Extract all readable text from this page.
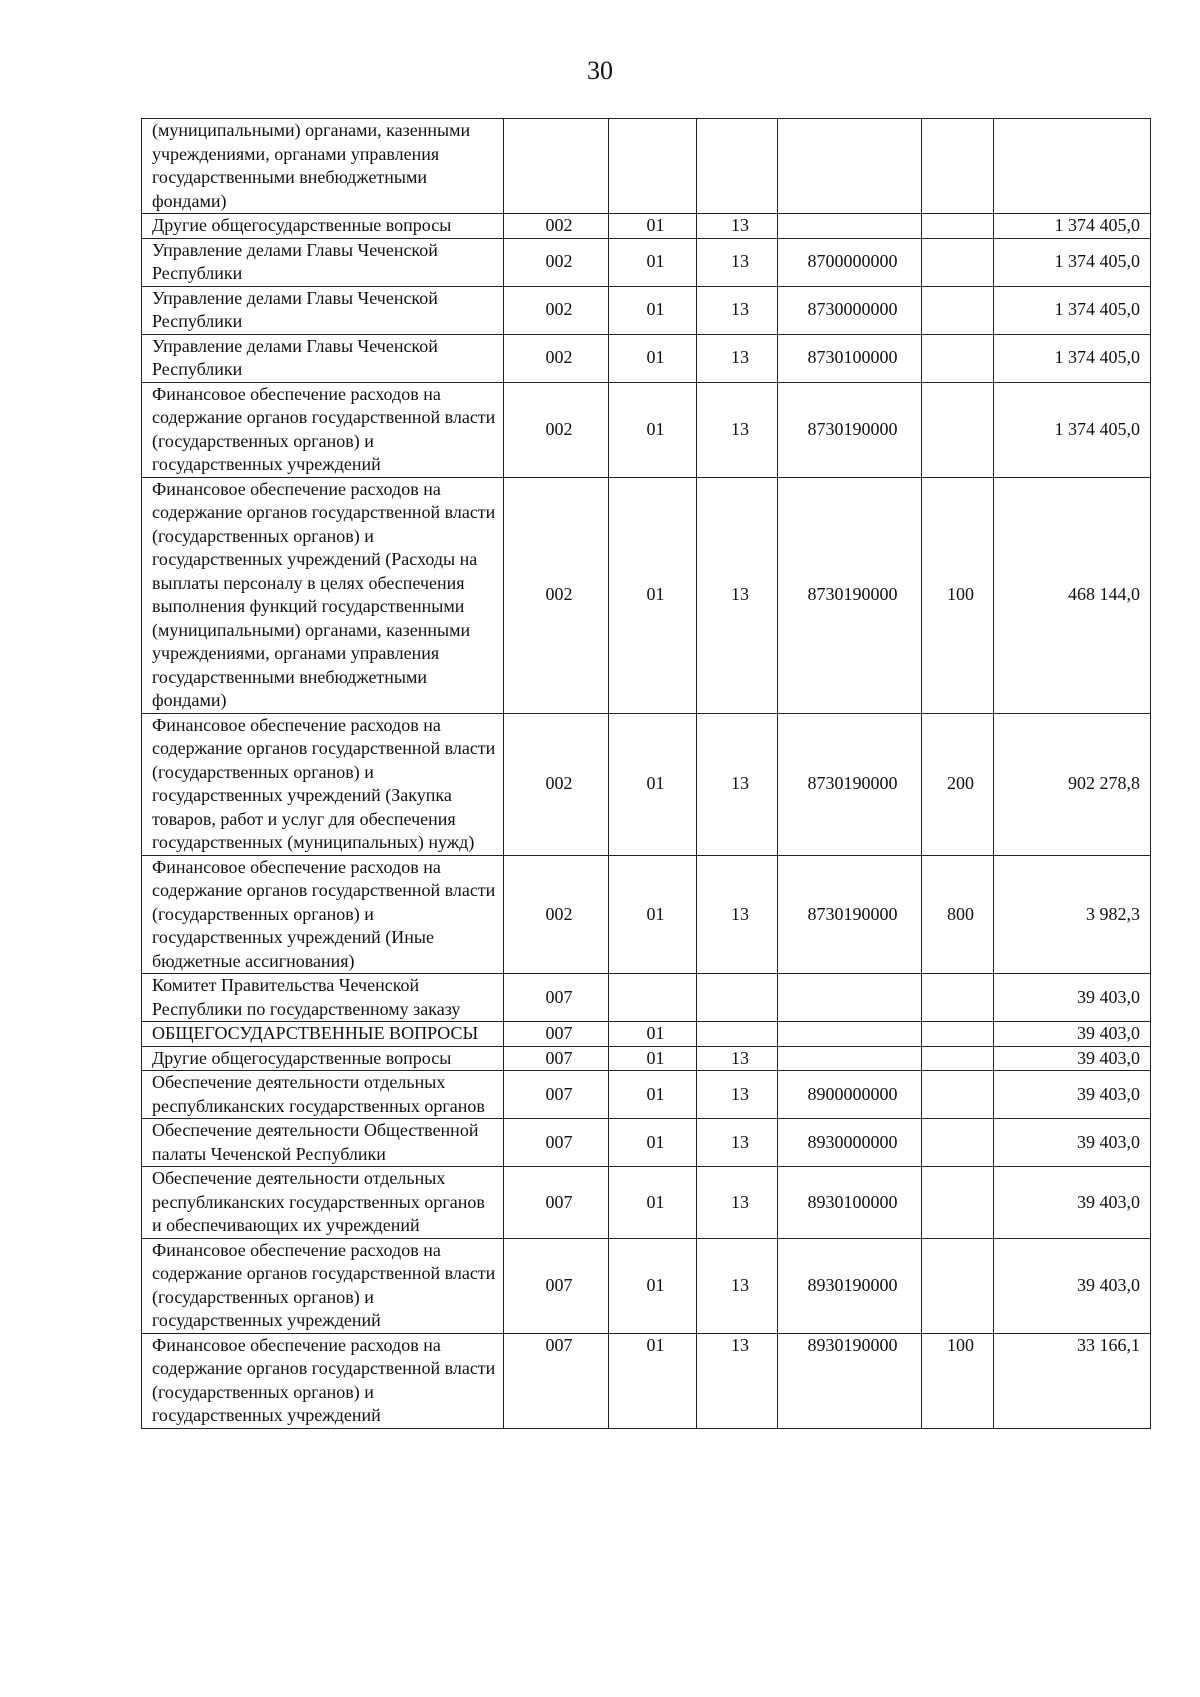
30
(муниципальными) органами, казенными учреждениями, органами управления государственными внебюджетными фондами)						
Другие общегосударственные вопросы	002	01	13			1 374 405,0
Управление делами Главы Чеченской Республики	002	01	13	8700000000		1 374 405,0
Управление делами Главы Чеченской Республики	002	01	13	8730000000		1 374 405,0
Управление делами Главы Чеченской Республики	002	01	13	8730100000		1 374 405,0
Финансовое обеспечение расходов на содержание органов государственной власти (государственных органов) и государственных учреждений	002	01	13	8730190000		1 374 405,0
Финансовое обеспечение расходов на содержание органов государственной власти (государственных органов) и государственных учреждений (Расходы на выплаты персоналу в целях обеспечения выполнения функций государственными (муниципальными) органами, казенными учреждениями, органами управления государственными внебюджетными фондами)	002	01	13	8730190000	100	468 144,0
Финансовое обеспечение расходов на содержание органов государственной власти (государственных органов) и государственных учреждений (Закупка товаров, работ и услуг для обеспечения государственных (муниципальных) нужд)	002	01	13	8730190000	200	902 278,8
Финансовое обеспечение расходов на содержание органов государственной власти (государственных органов) и государственных учреждений (Иные бюджетные ассигнования)	002	01	13	8730190000	800	3 982,3
Комитет Правительства Чеченской Республики по государственному заказу	007					39 403,0
ОБЩЕГОСУДАРСТВЕННЫЕ ВОПРОСЫ	007	01				39 403,0
Другие общегосударственные вопросы	007	01	13			39 403,0
Обеспечение деятельности отдельных республиканских государственных органов	007	01	13	8900000000		39 403,0
Обеспечение деятельности Общественной палаты Чеченской Республики	007	01	13	8930000000		39 403,0
Обеспечение деятельности отдельных республиканских государственных органов и обеспечивающих их учреждений	007	01	13	8930100000		39 403,0
Финансовое обеспечение расходов на содержание органов государственной власти (государственных органов) и государственных учреждений	007	01	13	8930190000		39 403,0
Финансовое обеспечение расходов на содержание органов государственной власти (государственных органов) и государственных учреждений	007	01	13	8930190000	100	33 166,1
